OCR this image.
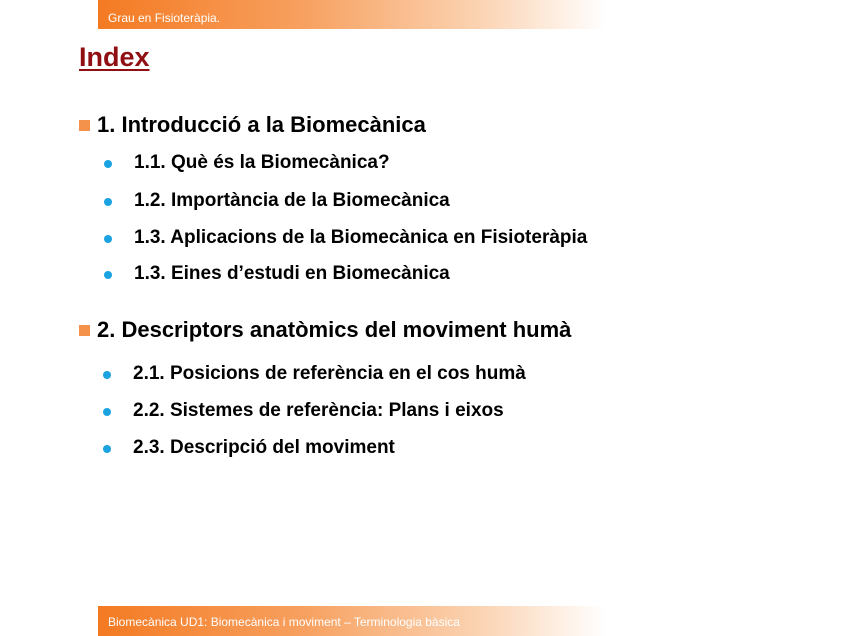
Grau en Fisioteràpia.
Index
1. Introducció a la Biomecànica
1.1. Què és la Biomecànica?
1.2. Importància de la Biomecànica
1.3. Aplicacions de la Biomecànica en Fisioteràpia
1.3. Eines d’estudi en Biomecànica
2. Descriptors anatòmics del moviment humà
2.1. Posicions de referència en el cos humà
2.2. Sistemes de referència: Plans i eixos
2.3. Descripció del moviment
Biomecànica UD1: Biomecànica i moviment – Terminologia bàsica
